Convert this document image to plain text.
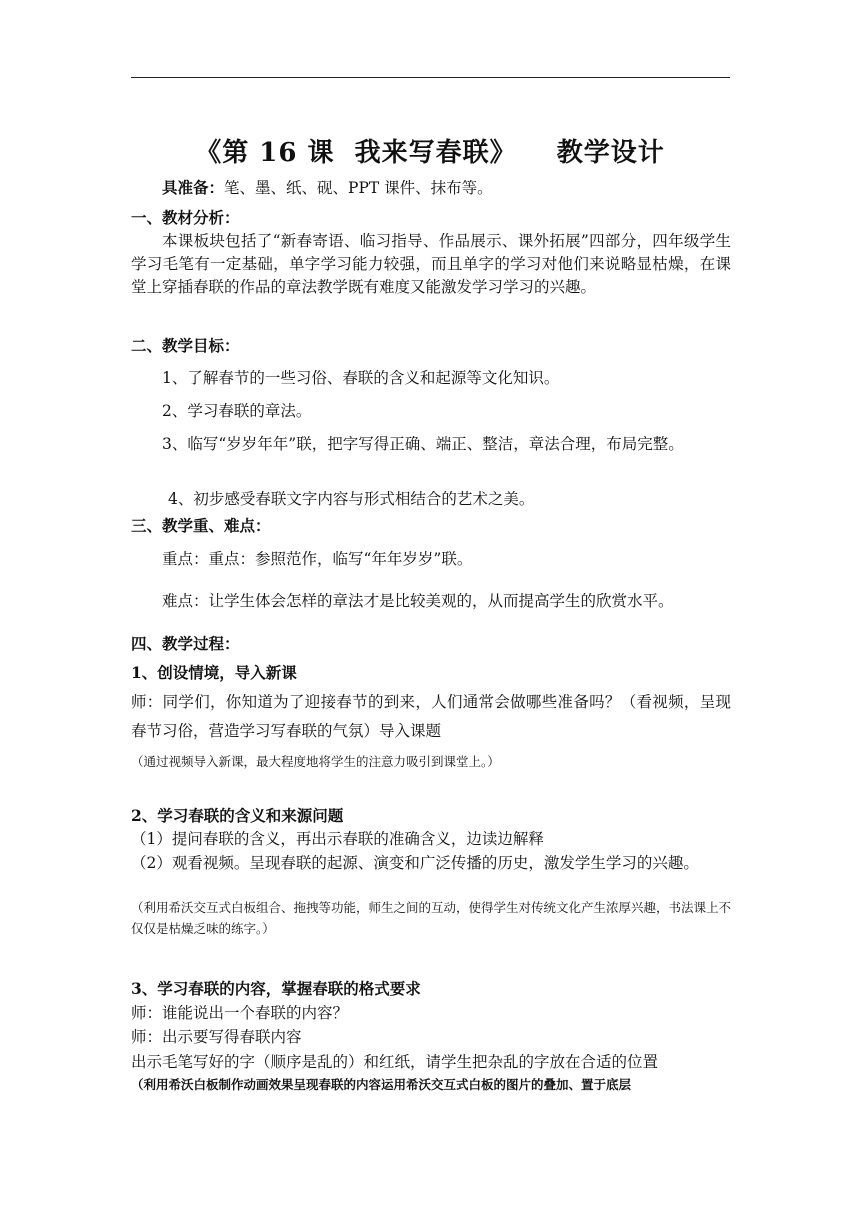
《第 16 课  我来写春联》    教学设计
具准备：笔、墨、纸、砚、PPT 课件、抹布等。
一、教材分析：
本课板块包括了“新春寄语、临习指导、作品展示、课外拓展”四部分，四年级学生学习毛笔有一定基础，单字学习能力较强，而且单字的学习对他们来说略显枯燥，在课堂上穿插春联的作品的章法教学既有难度又能激发学习学习的兴趣。
二、教学目标：
1、了解春节的一些习俗、春联的含义和起源等文化知识。
2、学习春联的章法。
3、临写“岁岁年年”联，把字写得正确、端正、整洁，章法合理，布局完整。
4、初步感受春联文字内容与形式相结合的艺术之美。
三、教学重、难点：
重点：重点：参照范作，临写“年年岁岁”联。
难点：让学生体会怎样的章法才是比较美观的，从而提高学生的欣赏水平。
四、教学过程：
1、创设情境，导入新课
师：同学们，你知道为了迎接春节的到来，人们通常会做哪些准备吗？（看视频，呈现春节习俗，营造学习写春联的气氛）导入课题
（通过视频导入新课，最大程度地将学生的注意力吸引到课堂上。）
2、学习春联的含义和来源问题
（1）提问春联的含义，再出示春联的准确含义，边读边解释
（2）观看视频。呈现春联的起源、演变和广泛传播的历史，激发学生学习的兴趣。
（利用希沃交互式白板组合、拖拽等功能，师生之间的互动，使得学生对传统文化产生浓厚兴趣，书法课上不仅仅是枯燥乏味的练字。）
3、学习春联的内容，掌握春联的格式要求
师：谁能说出一个春联的内容？
师：出示要写得春联内容
出示毛笔写好的字（顺序是乱的）和红纸，请学生把杂乱的字放在合适的位置
（利用希沃白板制作动画效果呈现春联的内容运用希沃交互式白板的图片的叠加、置于底层
